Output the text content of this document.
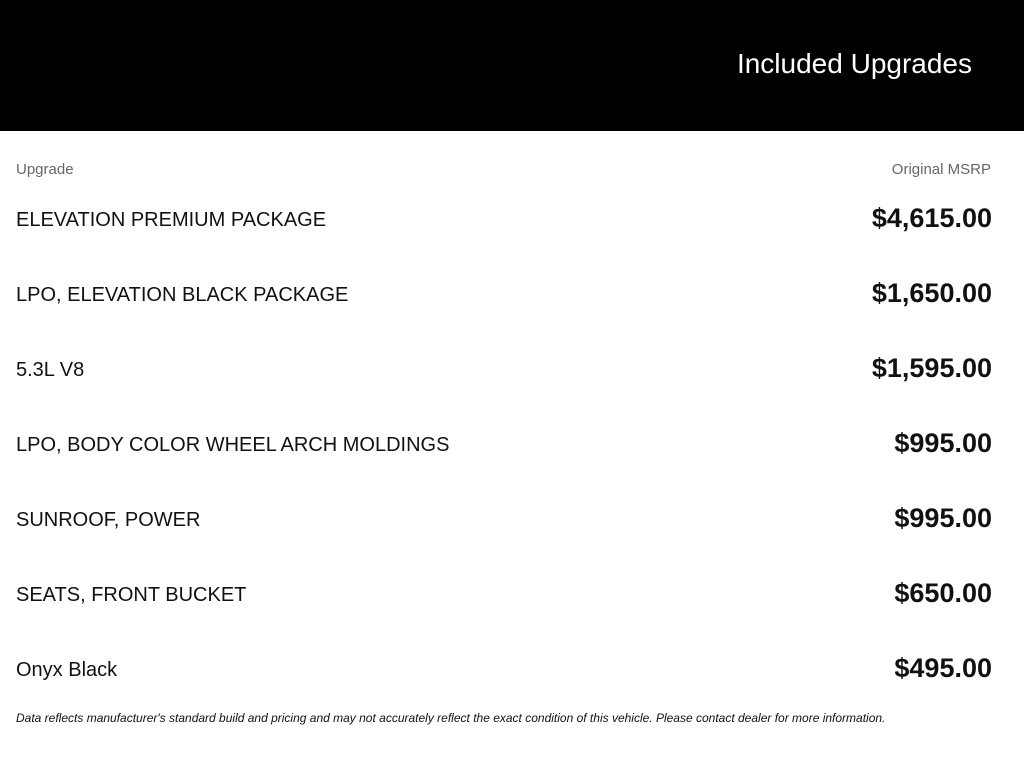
Included Upgrades
Upgrade	Original MSRP
ELEVATION PREMIUM PACKAGE	$4,615.00
LPO, ELEVATION BLACK PACKAGE	$1,650.00
5.3L V8	$1,595.00
LPO, BODY COLOR WHEEL ARCH MOLDINGS	$995.00
SUNROOF, POWER	$995.00
SEATS, FRONT BUCKET	$650.00
Onyx Black	$495.00
Data reflects manufacturer's standard build and pricing and may not accurately reflect the exact condition of this vehicle. Please contact dealer for more information.
